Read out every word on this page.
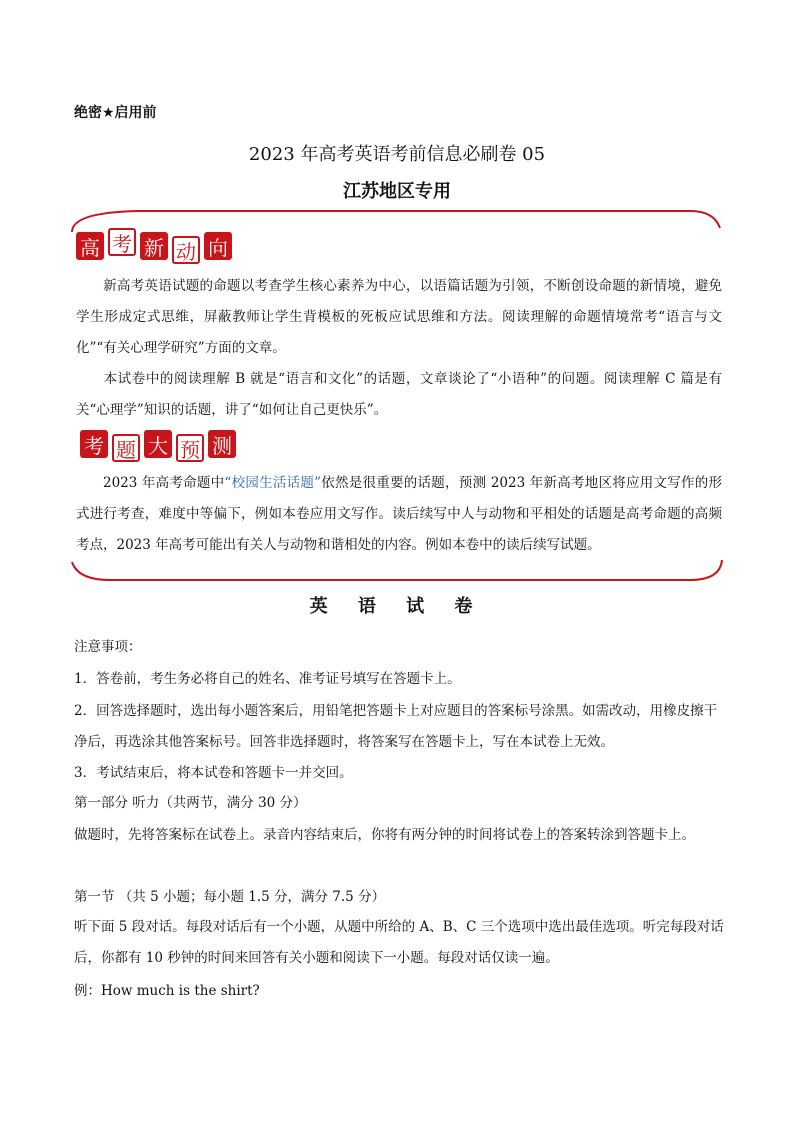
绝密★启用前
2023 年高考英语考前信息必刷卷 05
江苏地区专用
高 考 新 动 向
新高考英语试题的命题以考查学生核心素养为中心，以语篇话题为引领，不断创设命题的新情境，避免学生形成定式思维，屏蔽教师让学生背模板的死板应试思维和方法。阅读理解的命题情境常考“语言与文化”“有关心理学研究”方面的文章。
本试卷中的阅读理解 B 就是“语言和文化”的话题，文章谈论了“小语种”的问题。阅读理解 C 篇是有关“心理学”知识的话题，讲了“如何让自己更快乐”。
考 题 大 预 测
2023 年高考命题中“校园生活话题”依然是很重要的话题，预测 2023 年新高考地区将应用文写作的形式进行考查，难度中等偏下，例如本卷应用文写作。读后续写中人与动物和平相处的话题是高考命题的高频考点，2023 年高考可能出有关人与动物和谐相处的内容。例如本卷中的读后续写试题。
英 语 试 卷
注意事项：
1．答卷前，考生务必将自己的姓名、准考证号填写在答题卡上。
2．回答选择题时，选出每小题答案后，用铅笔把答题卡上对应题目的答案标号涂黑。如需改动，用橡皮擦干净后，再选涂其他答案标号。回答非选择题时，将答案写在答题卡上，写在本试卷上无效。
3．考试结束后，将本试卷和答题卡一并交回。
第一部分 听力（共两节，满分 30 分）
做题时，先将答案标在试卷上。录音内容结束后，你将有两分钟的时间将试卷上的答案转涂到答题卡上。
第一节 （共 5 小题；每小题 1.5 分，满分 7.5 分）
听下面 5 段对话。每段对话后有一个小题，从题中所给的 A、B、C 三个选项中选出最佳选项。听完每段对话后，你都有 10 秒钟的时间来回答有关小题和阅读下一小题。每段对话仅读一遍。
例：How much is the shirt?
